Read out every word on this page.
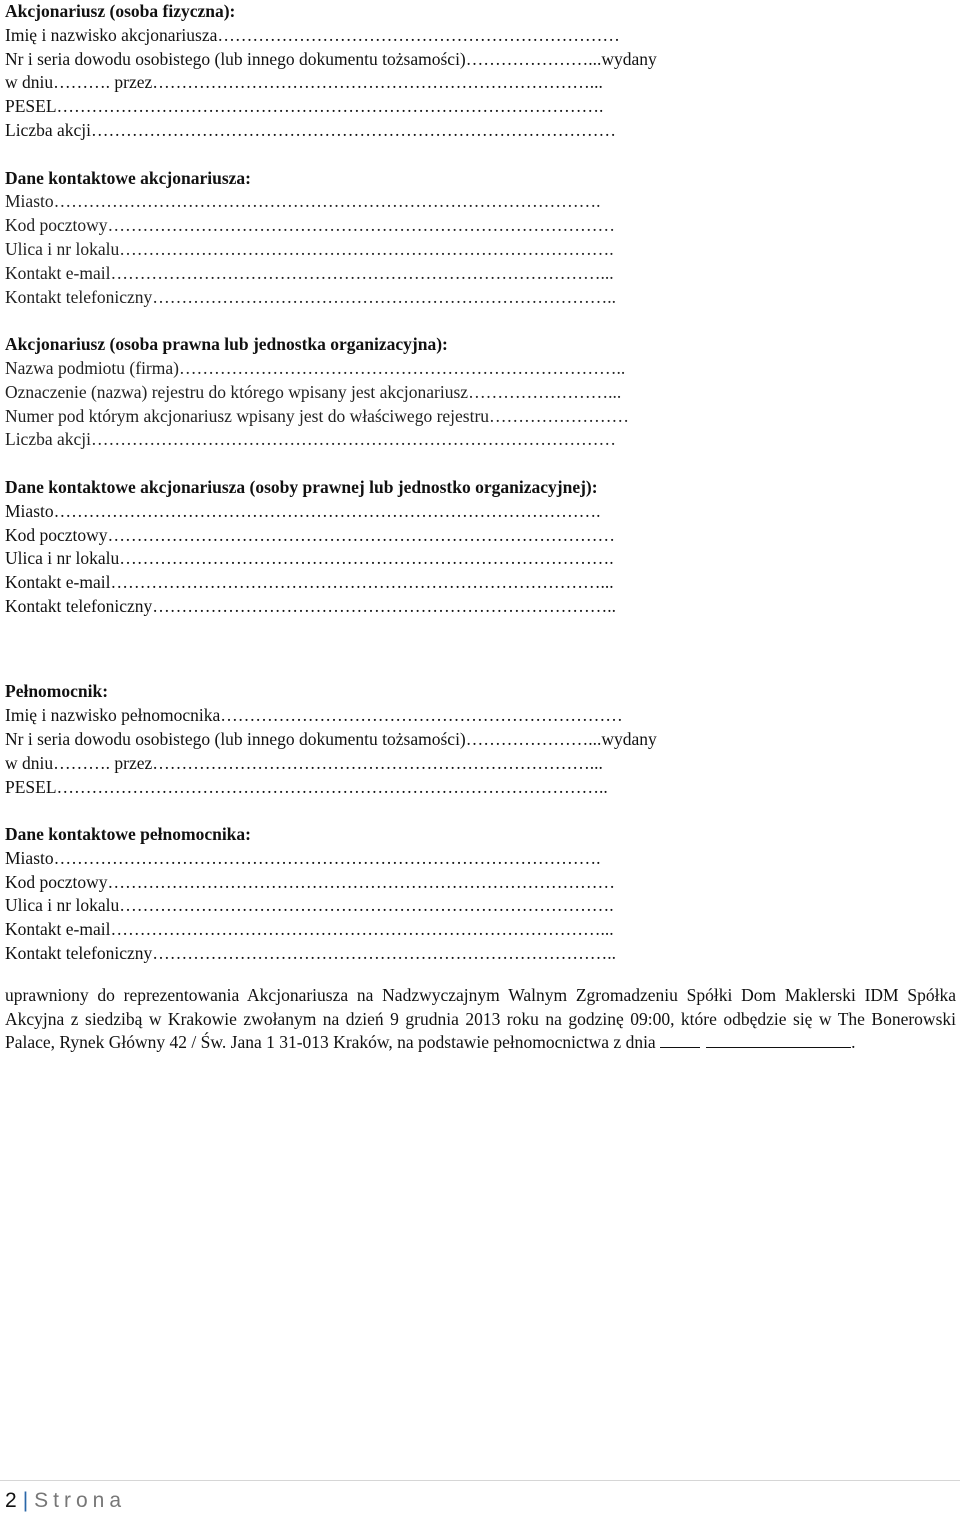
Akcjonariusz (osoba fizyczna):
Imię i nazwisko akcjonariusza……………………………………………………………
Nr i seria dowodu osobistego (lub innego dokumentu tożsamości)…………………...wydany
w dniu………. przez…………………………………………………………………...
PESEL………………………………………………………………………………….
Liczba akcji………………………………………………………………………………
Dane kontaktowe akcjonariusza:
Miasto………………………………………………………………………………….
Kod pocztowy……………………………………………………………………………
Ulica i nr lokalu………………………………………………………………………….
Kontakt e-mail…………………………………………………………………………...
Kontakt telefoniczny……………………………………………………………………..
Akcjonariusz (osoba prawna lub jednostka organizacyjna):
Nazwa podmiotu (firma)…………………………………………………………………..
Oznaczenie (nazwa) rejestru do którego wpisany jest akcjonariusz……………………...
Numer pod którym akcjonariusz wpisany jest do właściwego rejestru……………………
Liczba akcji………………………………………………………………………………
Dane kontaktowe akcjonariusza (osoby prawnej lub jednostko organizacyjnej):
Miasto………………………………………………………………………………….
Kod pocztowy……………………………………………………………………………
Ulica i nr lokalu………………………………………………………………………….
Kontakt e-mail…………………………………………………………………………...
Kontakt telefoniczny……………………………………………………………………..
Pełnomocnik:
Imię i nazwisko pełnomocnika……………………………………………………………
Nr i seria dowodu osobistego (lub innego dokumentu tożsamości)…………………...wydany
w dniu………. przez…………………………………………………………………...
PESEL…………………………………………………………………………………..
Dane kontaktowe pełnomocnika:
Miasto………………………………………………………………………………….
Kod pocztowy……………………………………………………………………………
Ulica i nr lokalu………………………………………………………………………….
Kontakt e-mail…………………………………………………………………………...
Kontakt telefoniczny……………………………………………………………………..
uprawniony do reprezentowania Akcjonariusza na Nadzwyczajnym Walnym Zgromadzeniu Spółki Dom Maklerski IDM Spółka Akcyjna z siedzibą w Krakowie zwołanym na dzień 9 grudnia 2013 roku na godzinę 09:00, które odbędzie się w The Bonerowski Palace, Rynek Główny 42 / Św. Jana 1 31-013 Kraków, na podstawie pełnomocnictwa z dnia	.
2 | Strona
